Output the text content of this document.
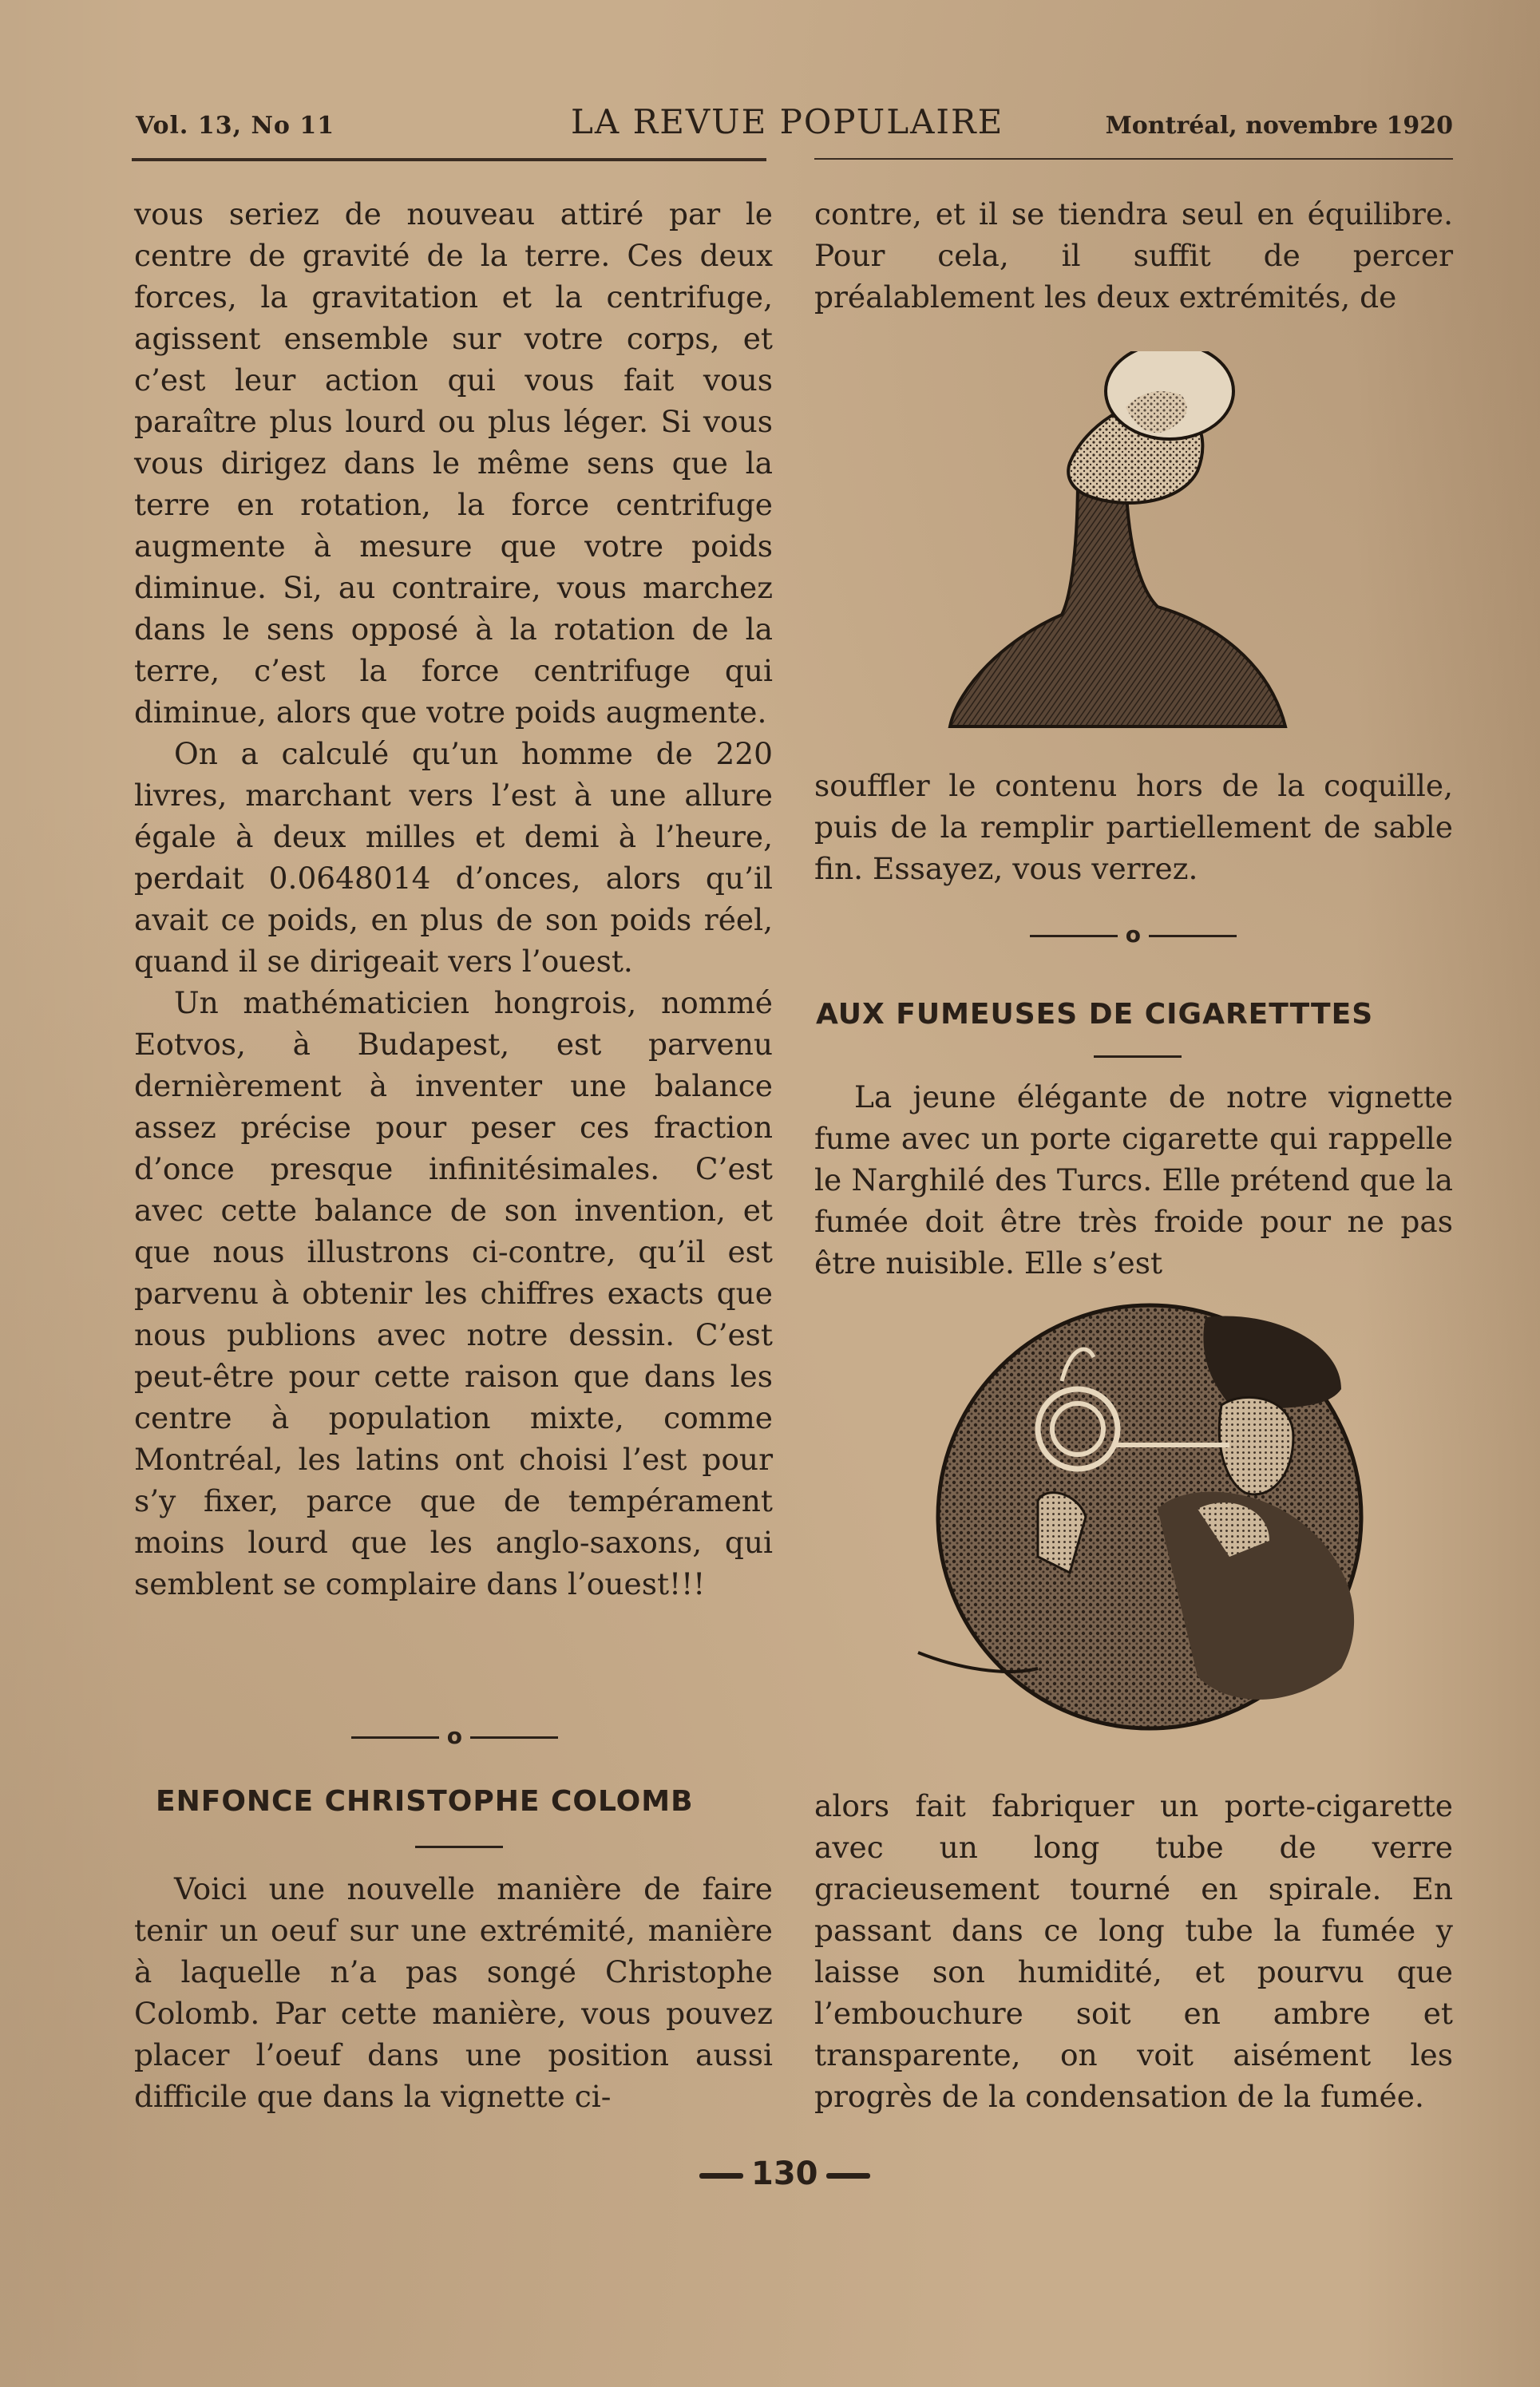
Vol. 13, No 11	LA REVUE POPULAIRE	Montréal, novembre 1920

vous seriez de nouveau attiré par le centre de gravité de la terre. Ces deux forces, la gravitation et la centrifuge, agissent ensemble sur votre corps, et c’est leur action qui vous fait vous paraître plus lourd ou plus léger. Si vous vous dirigez dans le même sens que la terre en rotation, la force centrifuge augmente à mesure que votre poids diminue. Si, au contraire, vous marchez dans le sens opposé à la rotation de la terre, c’est la force centrifuge qui diminue, alors que votre poids augmente.

On a calculé qu’un homme de 220 livres, marchant vers l’est à une allure égale à deux milles et demi à l’heure, perdait 0.0648014 d’onces, alors qu’il avait ce poids, en plus de son poids réel, quand il se dirigeait vers l’ouest.

Un mathématicien hongrois, nommé Eotvos, à Budapest, est parvenu dernièrement à inventer une balance assez précise pour peser ces fraction d’once presque infinitésimales. C’est avec cette balance de son invention, et que nous illustrons ci-contre, qu’il est parvenu à obtenir les chiffres exacts que nous publions avec notre dessin. C’est peut-être pour cette raison que dans les centre à population mixte, comme Montréal, les latins ont choisi l’est pour s’y fixer, parce que de tempérament moins lourd que les anglo-saxons, qui semblent se complaire dans l’ouest!!!

o
ENFONCE CHRISTOPHE COLOMB

Voici une nouvelle manière de faire tenir un oeuf sur une extrémité, manière à laquelle n’a pas songé Christophe Colomb. Par cette manière, vous pouvez placer l’oeuf dans une position aussi difficile que dans la vignette ci-

contre, et il se tiendra seul en équilibre. Pour cela, il suffit de percer préalablement les deux extrémités, de

souffler le contenu hors de la coquille, puis de la remplir partiellement de sable fin. Essayez, vous verrez.

o
AUX FUMEUSES DE CIGARETTTES

La jeune élégante de notre vignette fume avec un porte cigarette qui rappelle le Narghilé des Turcs. Elle prétend que la fumée doit être très froide pour ne pas être nuisible. Elle s’est

alors fait fabriquer un porte-cigarette avec un long tube de verre gracieusement tourné en spirale. En passant dans ce long tube la fumée y laisse son humidité, et pourvu que l’embouchure soit en ambre et transparente, on voit aisément les progrès de la condensation de la fumée.

130
